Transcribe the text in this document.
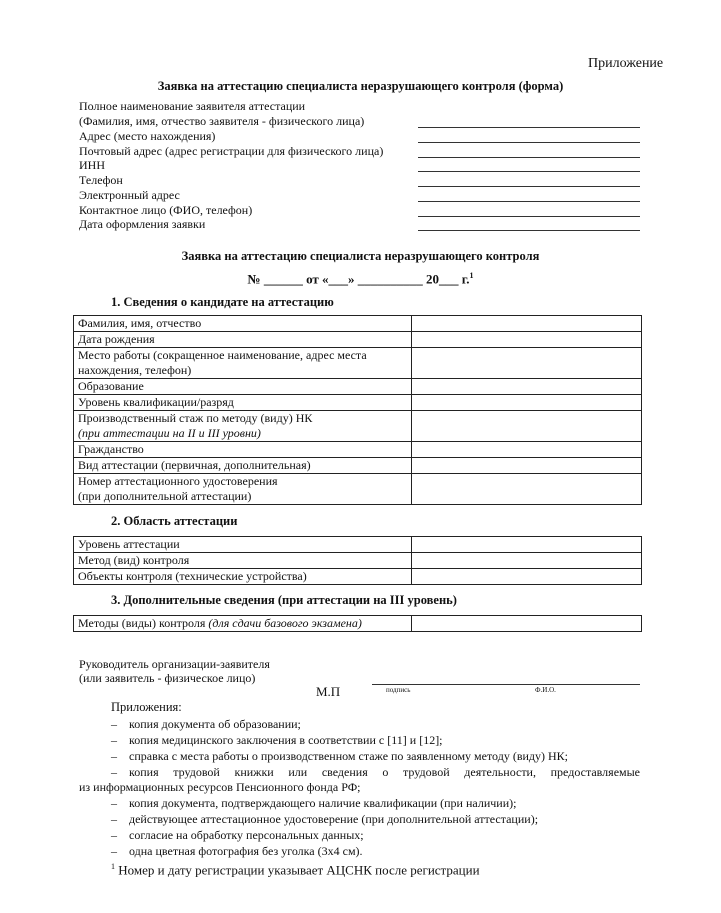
Приложение
Заявка на аттестацию специалиста неразрушающего контроля (форма)
Полное наименование заявителя аттестации
(Фамилия, имя, отчество заявителя - физического лица)
Адрес (место нахождения)
Почтовый адрес (адрес регистрации для физического лица)
ИНН
Телефон
Электронный адрес
Контактное лицо (ФИО, телефон)
Дата оформления заявки
Заявка на аттестацию специалиста неразрушающего контроля
№ ______ от «___» __________ 20___ г.$^1$
1. Сведения о кандидате на аттестацию
Фамилия, имя, отчество	
Дата рождения	
Место работы (сокращенное наименование, адрес места нахождения, телефон)	
Образование	
Уровень квалификации/разряд	
Производственный стаж по методу (виду) НК
(при аттестации на II и III уровни)	
Гражданство	
Вид аттестации (первичная, дополнительная)	
Номер аттестационного удостоверения
(при дополнительной аттестации)	
2. Область аттестации
Уровень аттестации	
Метод (вид) контроля	
Объекты контроля (технические устройства)	
3. Дополнительные сведения (при аттестации на III уровень)
Методы (виды) контроля (для сдачи базового экзамена)	
Руководитель организации-заявителя
(или заявитель - физическое лицо)
М.П	подпись	Ф.И.О.
Приложения:
– копия документа об образовании;
– копия медицинского заключения в соответствии с [11] и [12];
– справка с места работы о производственном стаже по заявленному методу (виду) НК;
– копия трудовой книжки или сведения о трудовой деятельности, предоставляемые
из информационных ресурсов Пенсионного фонда РФ;
– копия документа, подтверждающего наличие квалификации (при наличии);
– действующее аттестационное удостоверение (при дополнительной аттестации);
– согласие на обработку персональных данных;
– одна цветная фотография без уголка (3х4 см).
$^1$ Номер и дату регистрации указывает АЦСНК после регистрации
